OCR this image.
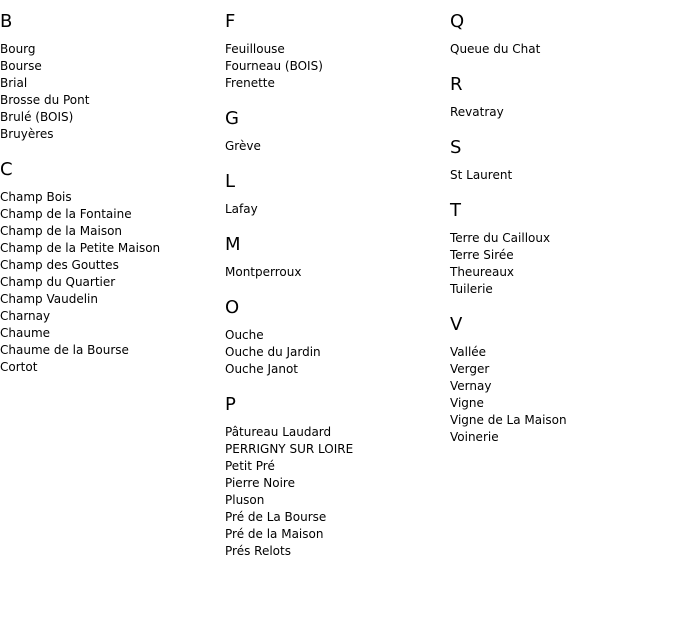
B
Bourg
Bourse
Brial
Brosse du Pont
Brulé (BOIS)
Bruyères
C
Champ Bois
Champ de la Fontaine
Champ de la Maison
Champ de la Petite Maison
Champ des Gouttes
Champ du Quartier
Champ Vaudelin
Charnay
Chaume
Chaume de la Bourse
Cortot
F
Feuillouse
Fourneau (BOIS)
Frenette
G
Grève
L
Lafay
M
Montperroux
O
Ouche
Ouche du Jardin
Ouche Janot
P
Pâtureau Laudard
PERRIGNY SUR LOIRE
Petit Pré
Pierre Noire
Pluson
Pré de La Bourse
Pré de la Maison
Prés Relots
Q
Queue du Chat
R
Revatray
S
St Laurent
T
Terre du Cailloux
Terre Sirée
Theureaux
Tuilerie
V
Vallée
Verger
Vernay
Vigne
Vigne de La Maison
Voinerie
